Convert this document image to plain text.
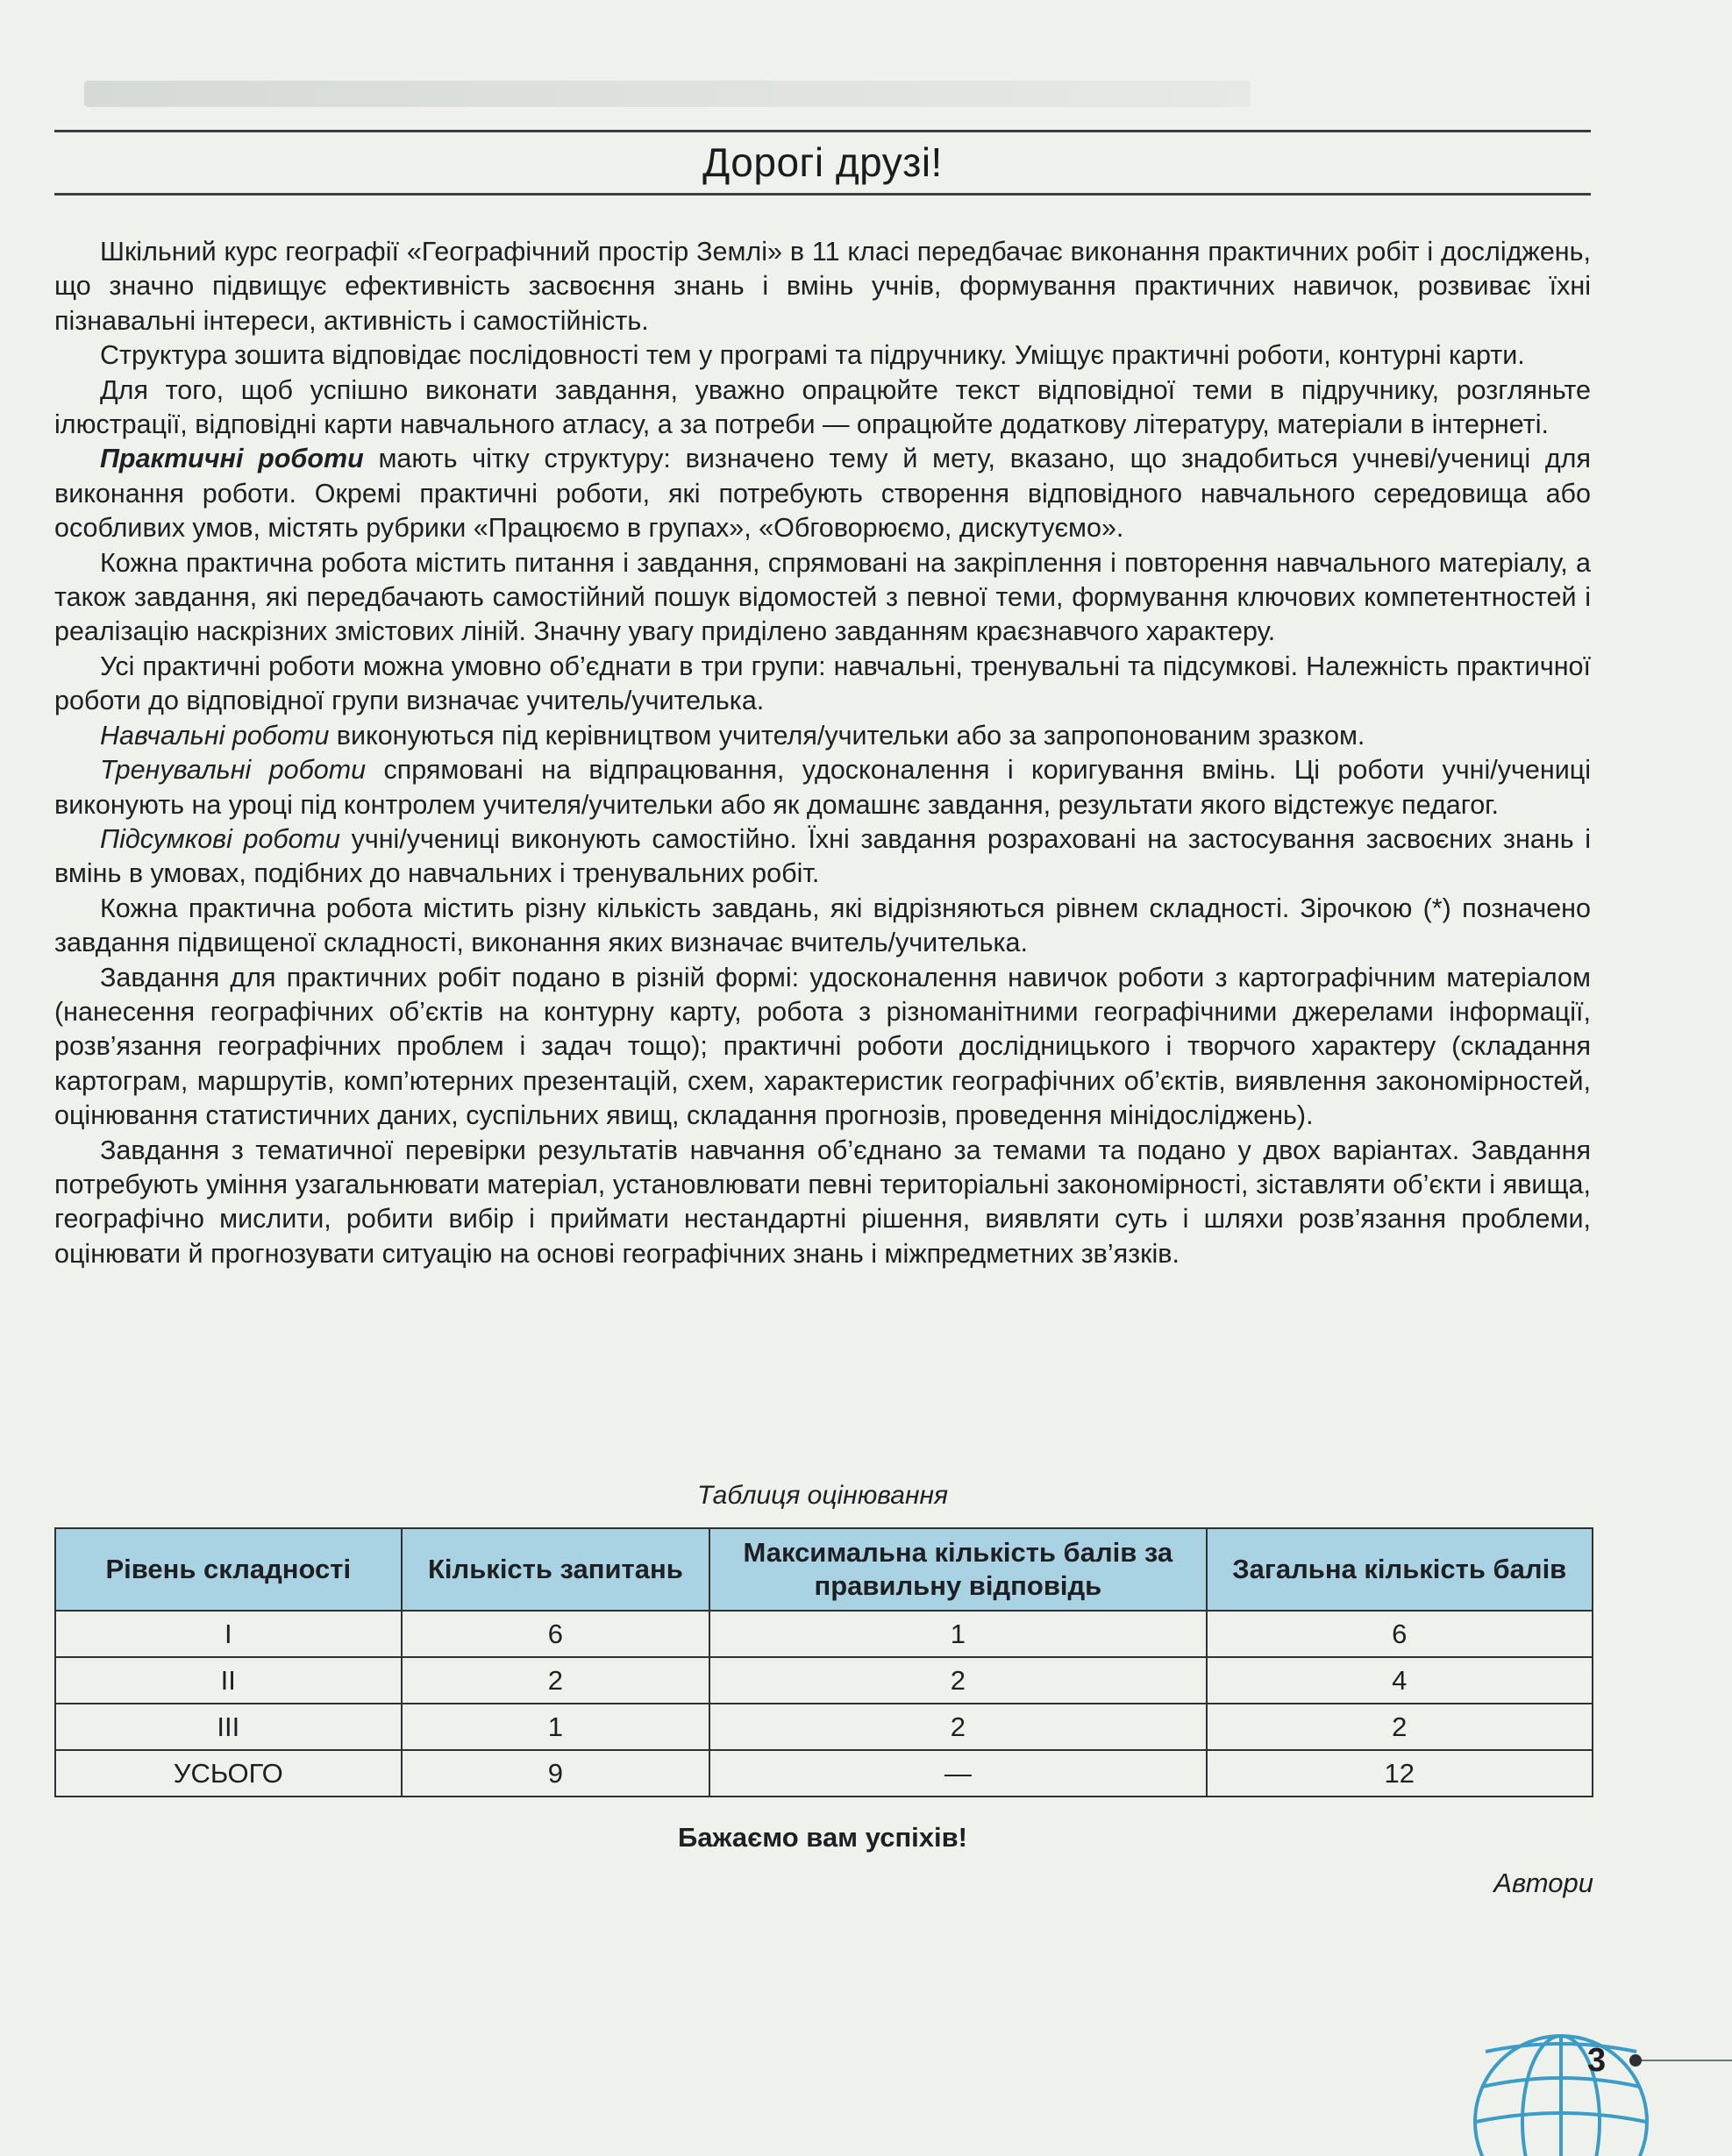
Дорогі друзі!

Шкільний курс географії «Географічний простір Землі» в 11 класі передбачає виконання практичних робіт і досліджень, що значно підвищує ефективність засвоєння знань і вмінь учнів, формування практичних навичок, розвиває їхні пізнавальні інтереси, активність і самостійність.

Структура зошита відповідає послідовності тем у програмі та підручнику. Уміщує практичні роботи, контурні карти.

Для того, щоб успішно виконати завдання, уважно опрацюйте текст відповідної теми в підручнику, розгляньте ілюстрації, відповідні карти навчального атласу, а за потреби — опрацюйте додаткову літературу, матеріали в інтернеті.

Практичні роботи мають чітку структуру: визначено тему й мету, вказано, що знадобиться учневі/учениці для виконання роботи. Окремі практичні роботи, які потребують створення відповідного навчального середовища або особливих умов, містять рубрики «Працюємо в групах», «Обговорюємо, дискутуємо».

Кожна практична робота містить питання і завдання, спрямовані на закріплення і повторення навчального матеріалу, а також завдання, які передбачають самостійний пошук відомостей з певної теми, формування ключових компетентностей і реалізацію наскрізних змістових ліній. Значну увагу приділено завданням краєзнавчого характеру.

Усі практичні роботи можна умовно об’єднати в три групи: навчальні, тренувальні та підсумкові. Належність практичної роботи до відповідної групи визначає учитель/учителька.

Навчальні роботи виконуються під керівництвом учителя/учительки або за запропонованим зразком.

Тренувальні роботи спрямовані на відпрацювання, удосконалення і коригування вмінь. Ці роботи учні/учениці виконують на уроці під контролем учителя/учительки або як домашнє завдання, результати якого відстежує педагог.

Підсумкові роботи учні/учениці виконують самостійно. Їхні завдання розраховані на застосування засвоєних знань і вмінь в умовах, подібних до навчальних і тренувальних робіт.

Кожна практична робота містить різну кількість завдань, які відрізняються рівнем складності. Зірочкою (*) позначено завдання підвищеної складності, виконання яких визначає вчитель/учителька.

Завдання для практичних робіт подано в різній формі: удосконалення навичок роботи з картографічним матеріалом (нанесення географічних об’єктів на контурну карту, робота з різноманітними географічними джерелами інформації, розв’язання географічних проблем і задач тощо); практичні роботи дослідницького і творчого характеру (складання картограм, маршрутів, комп’ютерних презентацій, схем, характеристик географічних об’єктів, виявлення закономірностей, оцінювання статистичних даних, суспільних явищ, складання прогнозів, проведення мінідосліджень).

Завдання з тематичної перевірки результатів навчання об’єднано за темами та подано у двох варіантах. Завдання потребують уміння узагальнювати матеріал, установлювати певні територіальні закономірності, зіставляти об’єкти і явища, географічно мислити, робити вибір і приймати нестандартні рішення, виявляти суть і шляхи розв’язання проблеми, оцінювати й прогнозувати ситуацію на основі географічних знань і міжпредметних зв’язків.

Таблиця оцінювання
Рівень складності	Кількість запитань	Максимальна кількість балів за правильну відповідь	Загальна кількість балів
I	6	1	6
II	2	2	4
III	1	2	2
УСЬОГО	9	—	12
Бажаємо вам успіхів!
Автори
3
